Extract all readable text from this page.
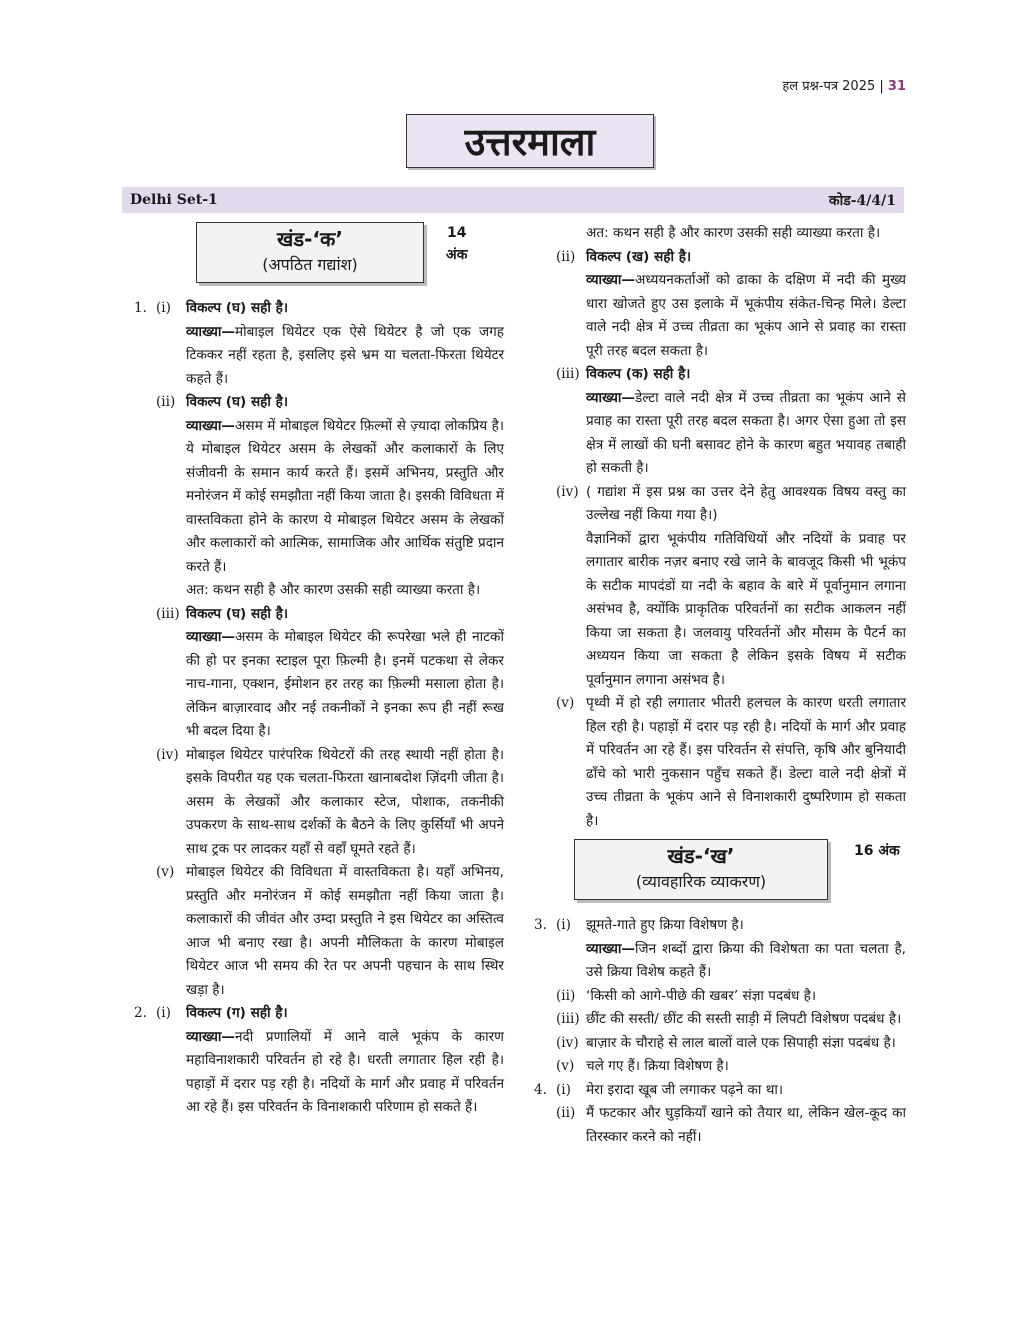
हल प्रश्न-पत्र 2025 | 31
उत्तरमाला
Delhi Set-1	कोड-4/4/1
खंड-‘क’
(अपठित गद्यांश)
14
अंक
1. (i)	विकल्प (घ) सही है।
व्याख्या—मोबाइल थियेटर एक ऐसे थियेटर है जो एक जगह टिककर नहीं रहता है, इसलिए इसे भ्रम या चलता-फिरता थियेटर कहते हैं।
(ii) विकल्प (घ) सही है।
व्याख्या—असम में मोबाइल थियेटर फ़िल्मों से ज़्यादा लोकप्रिय है। ये मोबाइल थियेटर असम के लेखकों और कलाकारों के लिए संजीवनी के समान कार्य करते हैं। इसमें अभिनय, प्रस्तुति और मनोरंजन में कोई समझौता नहीं किया जाता है। इसकी विविधता में वास्तविकता होने के कारण ये मोबाइल थियेटर असम के लेखकों और कलाकारों को आत्मिक, सामाजिक और आर्थिक संतुष्टि प्रदान करते हैं।
अत: कथन सही है और कारण उसकी सही व्याख्या करता है।
(iii) विकल्प (घ) सही है।
व्याख्या—असम के मोबाइल थियेटर की रूपरेखा भले ही नाटकों की हो पर इनका स्टाइल पूरा फ़िल्मी है। इनमें पटकथा से लेकर नाच-गाना, एक्शन, ईमोशन हर तरह का फ़िल्मी मसाला होता है। लेकिन बाज़ारवाद और नई तकनीकों ने इनका रूप ही नहीं रूख भी बदल दिया है।
(iv) मोबाइल थियेटर पारंपरिक थियेटरों की तरह स्थायी नहीं होता है। इसके विपरीत यह एक चलता-फिरता खानाबदोश ज़िंदगी जीता है। असम के लेखकों और कलाकार स्टेज, पोशाक, तकनीकी उपकरण के साथ-साथ दर्शकों के बैठने के लिए कुर्सियाँ भी अपने साथ ट्रक पर लादकर यहाँ से वहाँ घूमते रहते हैं।
(v) मोबाइल थियेटर की विविधता में वास्तविकता है। यहाँ अभिनय, प्रस्तुति और मनोरंजन में कोई समझौता नहीं किया जाता है। कलाकारों की जीवंत और उम्दा प्रस्तुति ने इस थियेटर का अस्तित्व आज भी बनाए रखा है। अपनी मौलिकता के कारण मोबाइल थियेटर आज भी समय की रेत पर अपनी पहचान के साथ स्थिर खड़ा है।
2. (i)	विकल्प (ग) सही है।
व्याख्या—नदी प्रणालियों में आने वाले भूकंप के कारण महाविनाशकारी परिवर्तन हो रहे है। धरती लगातार हिल रही है। पहाड़ों में दरार पड़ रही है। नदियों के मार्ग और प्रवाह में परिवर्तन आ रहे हैं। इस परिवर्तन के विनाशकारी परिणाम हो सकते हैं।
अत: कथन सही है और कारण उसकी सही व्याख्या करता है।
(ii) विकल्प (ख) सही है।
व्याख्या—अध्ययनकर्ताओं को ढाका के दक्षिण में नदी की मुख्य धारा खोजते हुए उस इलाके में भूकंपीय संकेत-चिन्ह मिले। डेल्टा वाले नदी क्षेत्र में उच्च तीव्रता का भूकंप आने से प्रवाह का रास्ता पूरी तरह बदल सकता है।
(iii) विकल्प (क) सही है।
व्याख्या—डेल्टा वाले नदी क्षेत्र में उच्च तीव्रता का भूकंप आने से प्रवाह का रास्ता पूरी तरह बदल सकता है। अगर ऐसा हुआ तो इस क्षेत्र में लाखों की घनी बसावट होने के कारण बहुत भयावह तबाही हो सकती है।
(iv) ( गद्यांश में इस प्रश्न का उत्तर देने हेतु आवश्यक विषय वस्तु का उल्लेख नहीं किया गया है।)
वैज्ञानिकों द्वारा भूकंपीय गतिविधियों और नदियों के प्रवाह पर लगातार बारीक नज़र बनाए रखे जाने के बावजूद किसी भी भूकंप के सटीक मापदंडों या नदी के बहाव के बारे में पूर्वानुमान लगाना असंभव है, क्योंकि प्राकृतिक परिवर्तनों का सटीक आकलन नहीं किया जा सकता है। जलवायु परिवर्तनों और मौसम के पैटर्न का अध्ययन किया जा सकता है लेकिन इसके विषय में सटीक पूर्वानुमान लगाना असंभव है।
(v) पृथ्वी में हो रही लगातार भीतरी हलचल के कारण धरती लगातार हिल रही है। पहाड़ों में दरार पड़ रही है। नदियों के मार्ग और प्रवाह में परिवर्तन आ रहे हैं। इस परिवर्तन से संपत्ति, कृषि और बुनियादी ढाँचे को भारी नुकसान पहुँच सकते हैं। डेल्टा वाले नदी क्षेत्रों में उच्च तीव्रता के भूकंप आने से विनाशकारी दुष्परिणाम हो सकता है।
खंड-‘ख’
(व्यावहारिक व्याकरण)
16 अंक
3. (i)	झूमते-गाते हुए क्रिया विशेषण है।
व्याख्या—जिन शब्दों द्वारा क्रिया की विशेषता का पता चलता है, उसे क्रिया विशेष कहते हैं।
(ii) ‘किसी को आगे-पीछे की खबर’ संज्ञा पदबंध है।
(iii) छींट की सस्ती/ छींट की सस्ती साड़ी में लिपटी विशेषण पदबंध है।
(iv) बाज़ार के चौराहे से लाल बालों वाले एक सिपाही संज्ञा पदबंध है।
(v) चले गए हैं। क्रिया विशेषण है।
4. (i)	मेरा इरादा खूब जी लगाकर पढ़ने का था।
(ii) मैं फटकार और घुड़कियाँ खाने को तैयार था, लेकिन खेल-कूद का तिरस्कार करने को नहीं।
